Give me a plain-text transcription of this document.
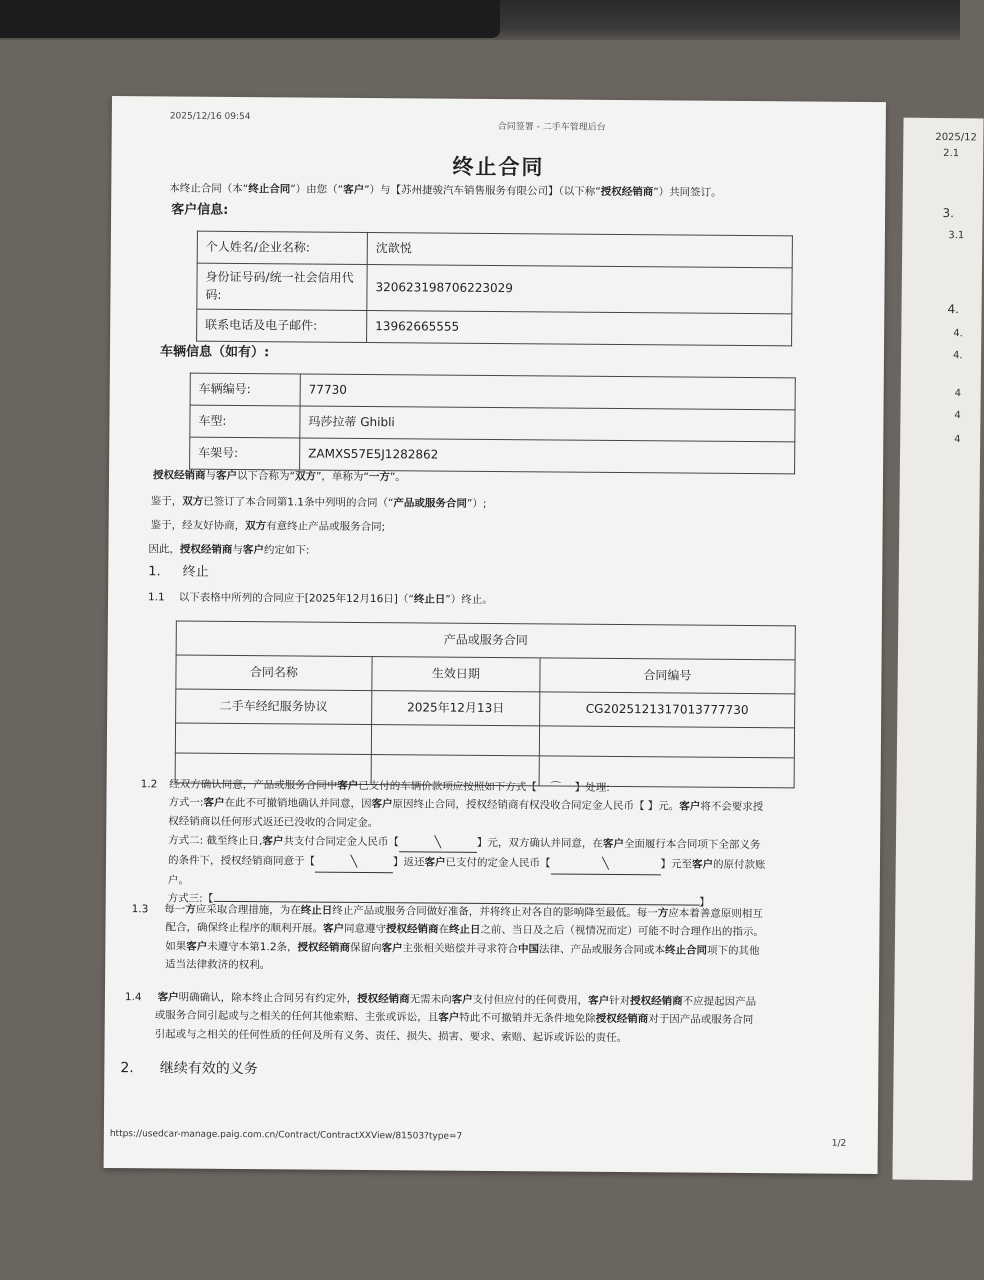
2025/12
2.1
3.
3.1
4.
4.
4.
4
4
4
2025/12/16 09:54
合同签署 - 二手车管理后台
终止合同
本终止合同（本“终止合同”）由您（“客户”）与【苏州捷骏汽车销售服务有限公司】（以下称“授权经销商”）共同签订。
客户信息:
个人姓名/企业名称:	沈歆悦
身份证号码/统一社会信用代码:	320623198706223029
联系电话及电子邮件:	13962665555
车辆信息（如有）:
车辆编号:	77730
车型:	玛莎拉蒂 Ghibli
车架号:	ZAMXS57E5J1282862
授权经销商与客户以下合称为“双方”，单称为“一方”。
鉴于，双方已签订了本合同第1.1条中列明的合同（“产品或服务合同”）;
鉴于，经友好协商，双方有意终止产品或服务合同;
因此，授权经销商与客户约定如下:
1. 终止
1.1 以下表格中所列的合同应于[2025年12月16日]（“终止日”）终止。
产品或服务合同		
合同名称	生效日期	合同编号
二手车经纪服务协议	2025年12月13日	CG2025121317013777730

1.2 经双方确认同意，产品或服务合同中客户已支付的车辆价款项应按照如下方式【 ⌒ 】处理:
方式一:客户在此不可撤销地确认并同意，因客户原因终止合同，授权经销商有权没收合同定金人民币【 】元。客户将不会要求授
权经销商以任何形式返还已没收的合同定金。
方式二: 截至终止日,客户共支付合同定金人民币【	╲	】元，双方确认并同意，在客户全面履行本合同项下全部义务
的条件下，授权经销商同意于【	╲	】返还客户已支付的定金人民币【	╲	】元至客户的原付款账
户。
方式三:【	】
1.3 每一方应采取合理措施，为在终止日终止产品或服务合同做好准备，并将终止对各自的影响降至最低。每一方应本着善意原则相互
配合，确保终止程序的顺利开展。客户同意遵守授权经销商在终止日之前、当日及之后（视情况而定）可能不时合理作出的指示。
如果客户未遵守本第1.2条，授权经销商保留向客户主张相关赔偿并寻求符合中国法律、产品或服务合同或本终止合同项下的其他
适当法律救济的权利。
1.4 客户明确确认，除本终止合同另有约定外，授权经销商无需未向客户支付但应付的任何费用，客户针对授权经销商不应提起因产品
或服务合同引起或与之相关的任何其他索赔、主张或诉讼，且客户特此不可撤销并无条件地免除授权经销商对于因产品或服务合同
引起或与之相关的任何性质的任何及所有义务、责任、损失、损害、要求、索赔、起诉或诉讼的责任。
2. 继续有效的义务
https://usedcar-manage.paig.com.cn/Contract/ContractXXView/81503?type=7
1/2
